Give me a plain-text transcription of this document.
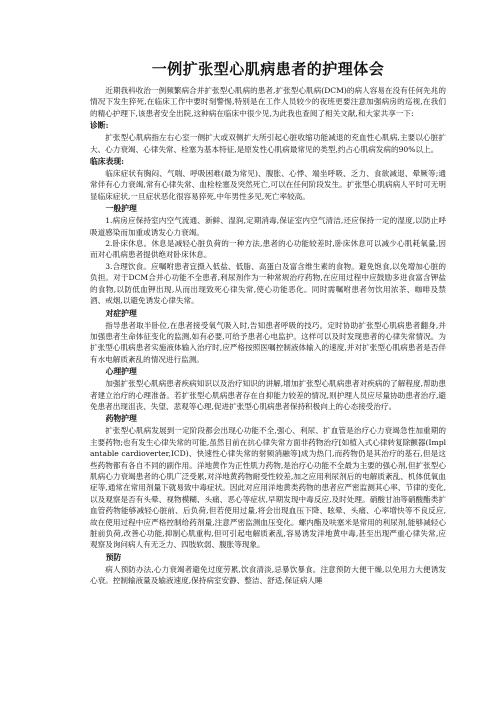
一例扩张型心肌病患者的护理体会

近期我科收治一例频繁病合并扩张型心肌病的患者,扩张型心肌病(DCM)的病人容易在没有任何先兆的情况下发生猝死,在临床工作中要时刻警惕,特别是在工作人员较少的夜班更要注意加强病房的巡视,在我们的精心护理下,该患者安全出院,这种病在临床中很少见,为此我也查阅了相关文献,和大家共享一下:

诊断:

扩张型心肌病指左右心室一侧扩大或双侧扩大所引起心脏收缩功能减退的充血性心肌病,主要以心脏扩大、心力衰竭、心律失常、栓塞为基本特征,是原发性心肌病最常见的类型,约占心肌病发病的90%以上。

临床表现:

临床症状有胸闷、气喘、呼吸困难(最为常见)、腹胀、心悸、端坐呼吸、乏力、食欲减退、晕厥等;通常伴有心力衰竭,常有心律失常、血栓栓塞及突然死亡,可以在任何阶段发生。扩张型心肌病病人平时可无明显临床症状,一旦症状恶化很容易猝死,中年男性多见,死亡率较高。

一般护理

1.病房应保持室内空气流通、新鲜、湿润,定期消毒,保证室内空气清洁,还应保持一定的湿度,以防止呼吸道感染而加重或诱发心力衰竭。

2.卧床休息。休息是减轻心脏负荷的一种方法,患者的心功能较差时,卧床休息可以减少心肌耗氧量,因而对心肌病患者提供绝对卧床休息。

3.合理饮食。应嘱咐患者宜摄入低盐、低脂、高蛋白及富含维生素的食物。避免饱食,以免增加心脏的负担。对于DCM合并心功能不全患者,利尿剂作为一种常规治疗药物,在应用过程中应鼓励多进食富含钾盐的食物,以防低血钾出现,从而出现致死心律失常,使心功能恶化。同时需嘱咐患者勿饮用浓茶、咖啡及禁酒、戒烟,以避免诱发心律失常。

对症护理

指导患者取半卧位,在患者接受氧气吸入时,告知患者呼吸的技巧。定时协助扩张型心肌病患者翻身,并加强患者生命体征变化的监测,如有必要,可给予患者心电监护。这样可以及时发现患者的心律失常情况。为扩张型心肌病患者实施液体输入治疗时,应严格按照医嘱控制液体输入的速度,并对扩张型心肌病患者是否伴有水电解质紊乱的情况进行监测。

心理护理

加强扩张型心肌病患者疾病知识以及治疗知识的讲解,增加扩张型心肌病患者对疾病的了解程度,帮助患者建立治疗的心理准备。若扩张型心肌病患者存在自抑能力较差的情况,则护理人员应尽量协助患者治疗,避免患者出现沮丧、失望、悲观等心理,促进扩张型心肌病患者保持积极向上的心态接受治疗。

药物护理

扩张型心肌病发展到一定阶段都会出现心功能不全,强心、利尿、扩血管是治疗心力衰竭急性加重期的主要药物;也有发生心律失常的可能,虽然目前在抗心律失常方面非药物治疗[如植入式心律转复除颤器(Implantable cardioverter,ICD)、快速性心律失常的射频消融等]成为热门,而药物仍是其治疗的基石,但是这些药物都有各自不同的副作用。洋地黄作为正性肌力药物,是治疗心功能不全最为主要的强心剂,但扩张型心肌病心力衰竭患者的心肌广泛受累,对洋地黄药物耐受性较差,加之应用利尿剂后的电解质紊乱、机体低氧血症等,通常在常用剂量下就易致中毒症状。因此对应用洋地黄类药物的患者应严密监测其心率、节律的变化,以及观察是否有头晕、视物模糊、头痛、恶心等症状,早期发现中毒反应,及时处理。硝酸甘油等硝酸酯类扩血管药物能够减轻心脏前、后负荷,但若使用过量,将会出现血压下降、眩晕、头痛、心率增快等不良反应,故在使用过程中应严格控制给药剂量,注意严密监测血压变化。螺内酯及呋塞米是常用的利尿剂,能够减轻心脏前负荷,改善心功能,抑制心肌重构,但可引起电解质紊乱,容易诱发洋地黄中毒,甚至出现严重心律失常,应观察及询问病人有无乏力、四肢软弱、腹胀等现象。

预防

病人预防办法,心力衰竭者避免过度劳累,饮食清淡,忌暴饮暴食。注意预防大便干燥,以免用力大便诱发心衰。控制输液量及输液速度,保持病室安静、整洁、舒适,保证病人睡
